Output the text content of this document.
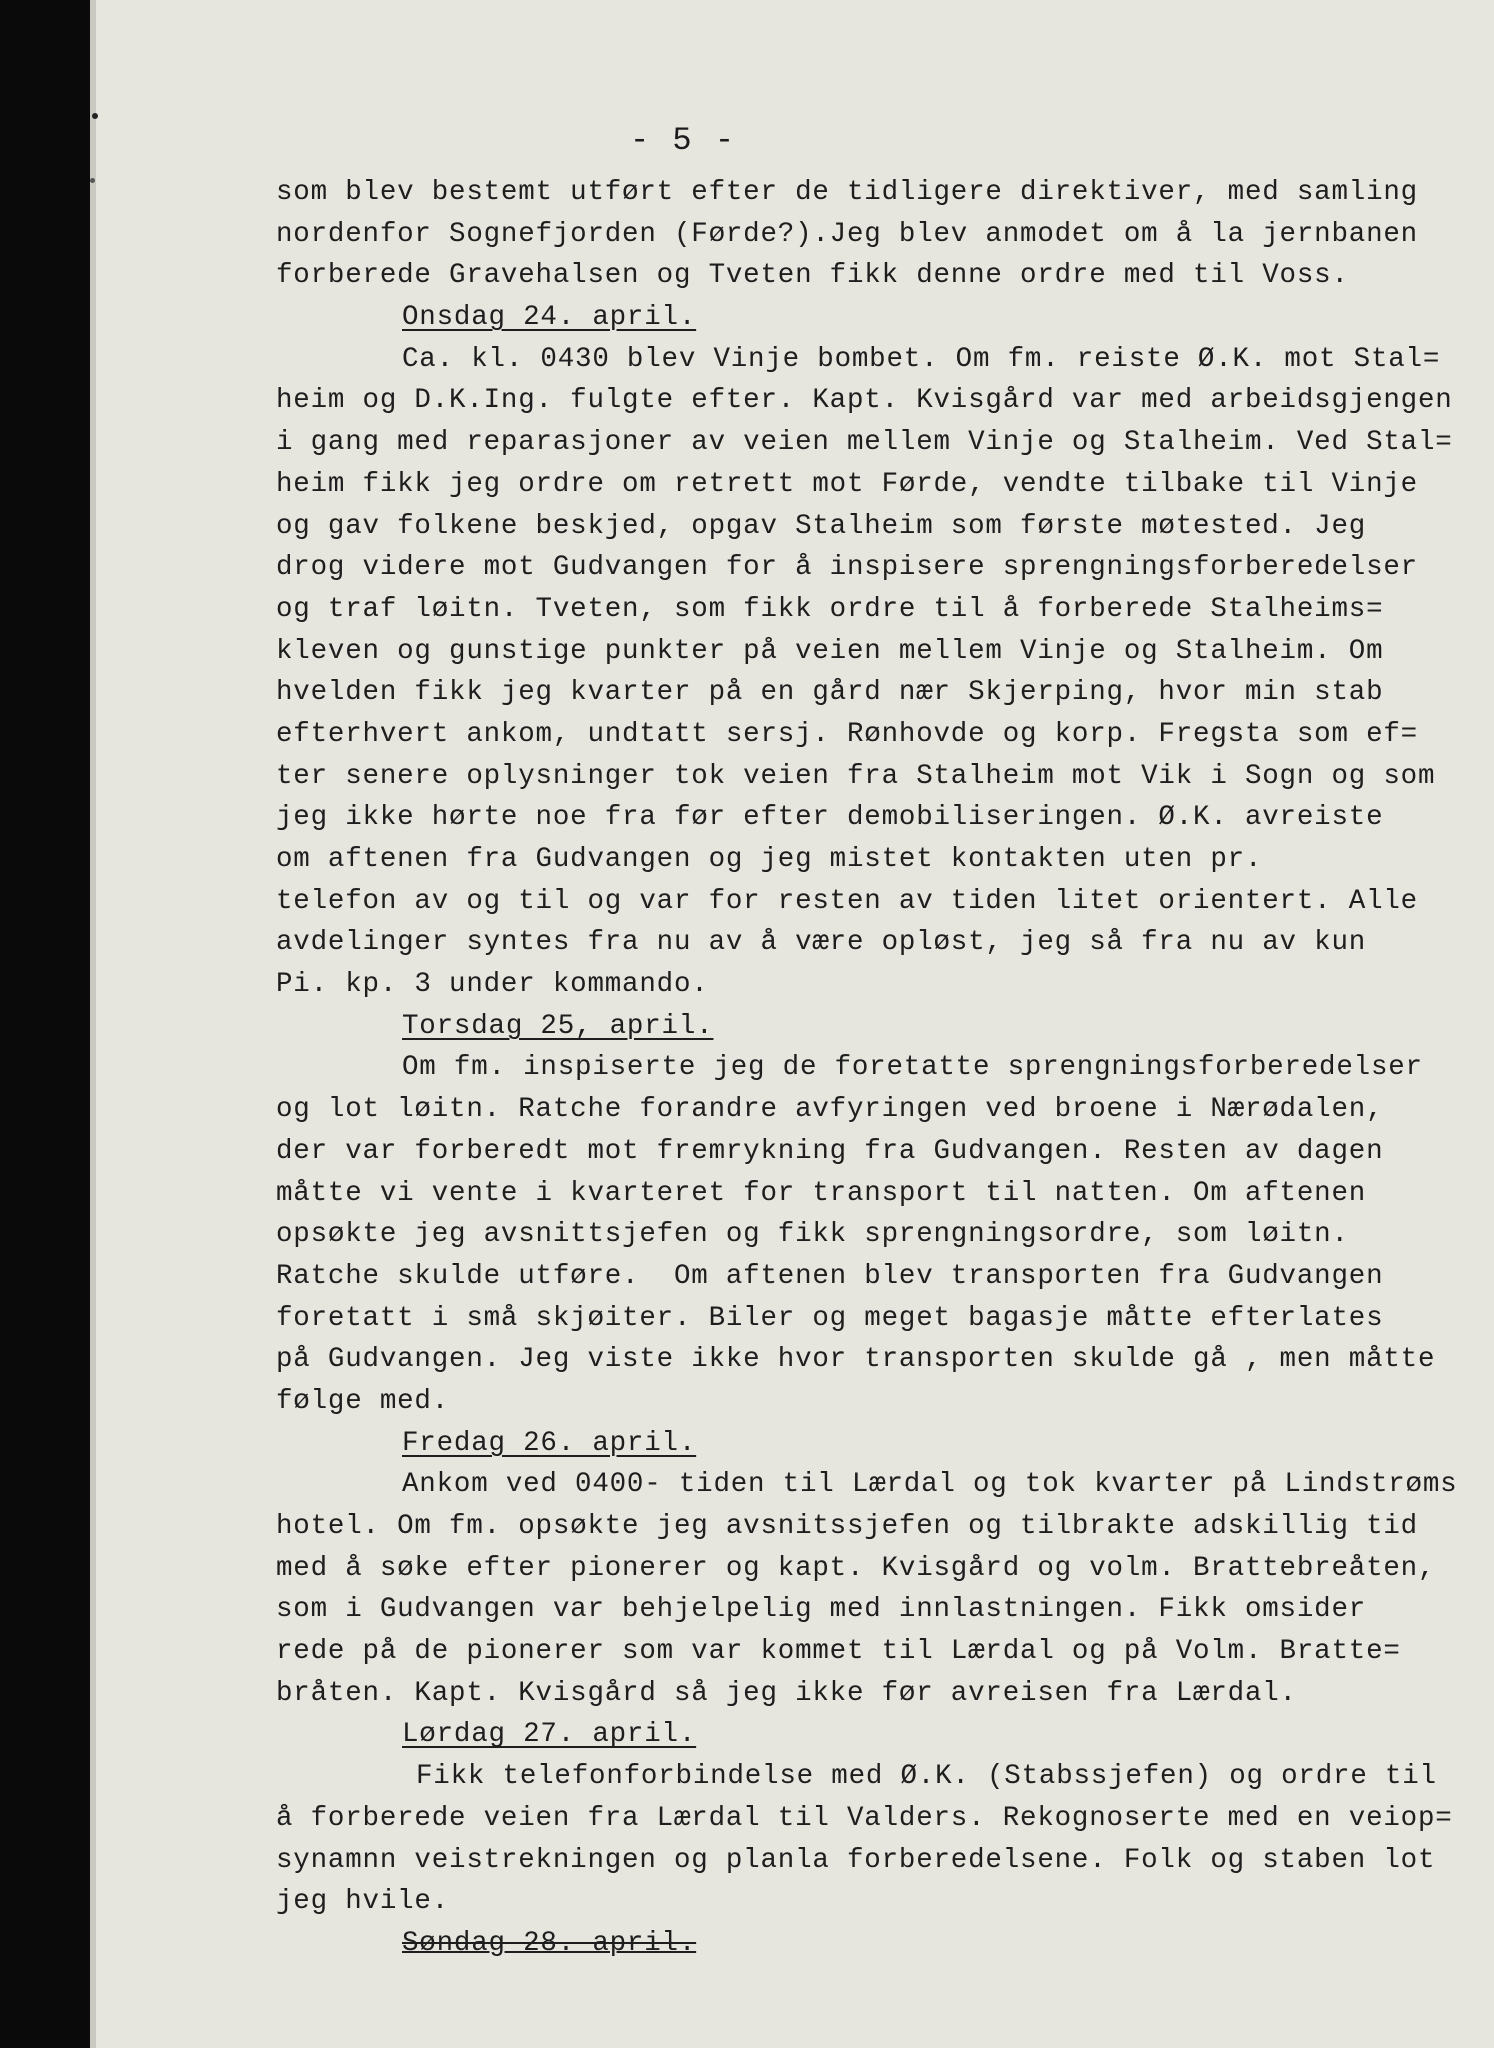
- 5 -
som blev bestemt utført efter de tidligere direktiver, med samling
nordenfor Sognefjorden (Førde?).Jeg blev anmodet om å la jernbanen
forberede Gravehalsen og Tveten fikk denne ordre med til Voss.
Onsdag 24. april.
Ca. kl. 0430 blev Vinje bombet. Om fm. reiste Ø.K. mot Stal=
heim og D.K.Ing. fulgte efter. Kapt. Kvisgård var med arbeidsgjengen
i gang med reparasjoner av veien mellem Vinje og Stalheim. Ved Stal=
heim fikk jeg ordre om retrett mot Førde, vendte tilbake til Vinje
og gav folkene beskjed, opgav Stalheim som første møtested. Jeg
drog videre mot Gudvangen for å inspisere sprengningsforberedelser
og traf løitn. Tveten, som fikk ordre til å forberede Stalheims=
kleven og gunstige punkter på veien mellem Vinje og Stalheim. Om
hvelden fikk jeg kvarter på en gård nær Skjerping, hvor min stab
efterhvert ankom, undtatt sersj. Rønhovde og korp. Fregsta som ef=
ter senere oplysninger tok veien fra Stalheim mot Vik i Sogn og som
jeg ikke hørte noe fra før efter demobiliseringen. Ø.K. avreiste
om aftenen fra Gudvangen og jeg mistet kontakten uten pr.
telefon av og til og var for resten av tiden litet orientert. Alle
avdelinger syntes fra nu av å være opløst, jeg så fra nu av kun
Pi. kp. 3 under kommando.
Torsdag 25, april.
Om fm. inspiserte jeg de foretatte sprengningsforberedelser
og lot løitn. Ratche forandre avfyringen ved broene i Nærødalen,
der var forberedt mot fremrykning fra Gudvangen. Resten av dagen
måtte vi vente i kvarteret for transport til natten. Om aftenen
opsøkte jeg avsnittsjefen og fikk sprengningsordre, som løitn.
Ratche skulde utføre.  Om aftenen blev transporten fra Gudvangen
foretatt i små skjøiter. Biler og meget bagasje måtte efterlates
på Gudvangen. Jeg viste ikke hvor transporten skulde gå , men måtte
følge med.
Fredag 26. april.
Ankom ved 0400- tiden til Lærdal og tok kvarter på Lindstrøms
hotel. Om fm. opsøkte jeg avsnitssjefen og tilbrakte adskillig tid
med å søke efter pionerer og kapt. Kvisgård og volm. Brattebreåten,
som i Gudvangen var behjelpelig med innlastningen. Fikk omsider
rede på de pionerer som var kommet til Lærdal og på Volm. Bratte=
bråten. Kapt. Kvisgård så jeg ikke før avreisen fra Lærdal.
Lørdag 27. april.
Fikk telefonforbindelse med Ø.K. (Stabssjefen) og ordre til
å forberede veien fra Lærdal til Valders. Rekognoserte med en veiop=
synamnn veistrekningen og planla forberedelsene. Folk og staben lot
jeg hvile.
Søndag 28. april.
